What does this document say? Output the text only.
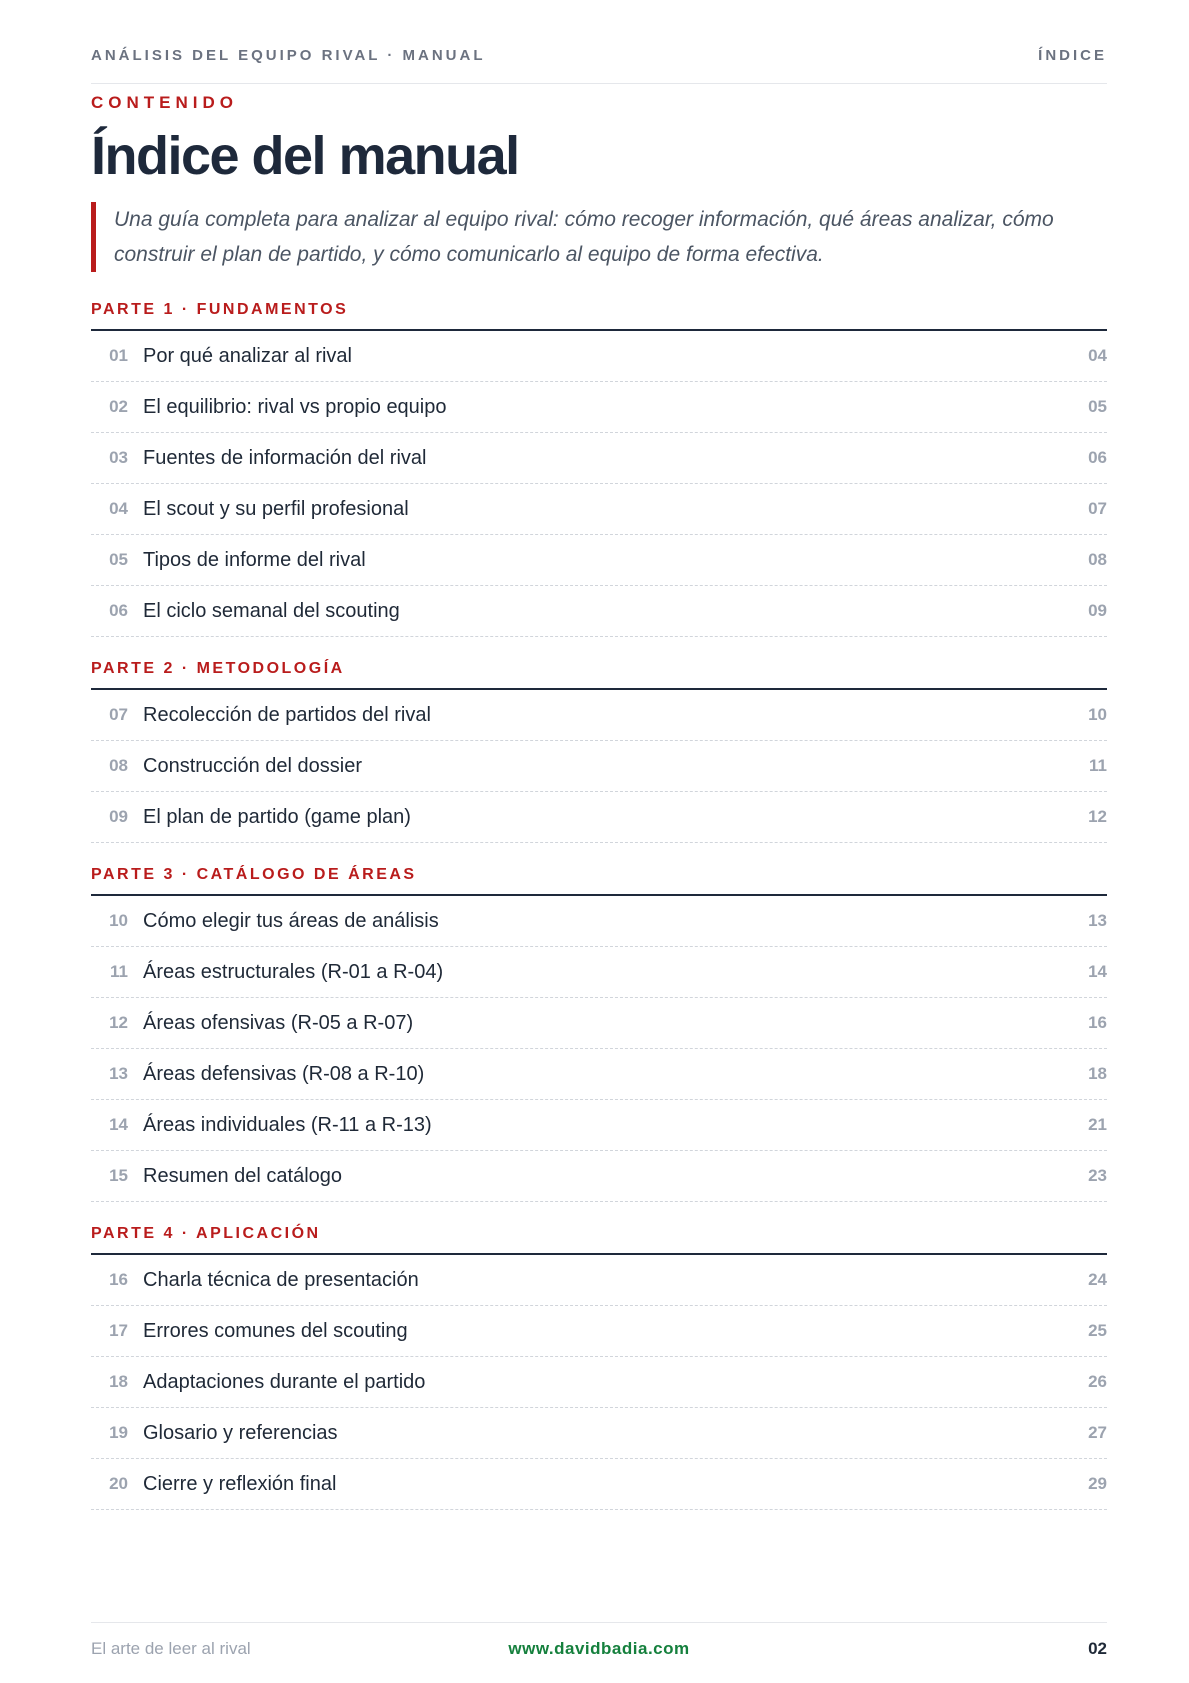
ANÁLISIS DEL EQUIPO RIVAL · MANUAL	ÍNDICE
CONTENIDO
Índice del manual

Una guía completa para analizar al equipo rival: cómo recoger información, qué áreas analizar, cómo construir el plan de partido, y cómo comunicarlo al equipo de forma efectiva.

PARTE 1 · FUNDAMENTOS
01 Por qué analizar al rival	04
02 El equilibrio: rival vs propio equipo	05
03 Fuentes de información del rival	06
04 El scout y su perfil profesional	07
05 Tipos de informe del rival	08
06 El ciclo semanal del scouting	09
PARTE 2 · METODOLOGÍA
07 Recolección de partidos del rival	10
08 Construcción del dossier	11
09 El plan de partido (game plan)	12
PARTE 3 · CATÁLOGO DE ÁREAS
10 Cómo elegir tus áreas de análisis	13
11 Áreas estructurales (R-01 a R-04)	14
12 Áreas ofensivas (R-05 a R-07)	16
13 Áreas defensivas (R-08 a R-10)	18
14 Áreas individuales (R-11 a R-13)	21
15 Resumen del catálogo	23
PARTE 4 · APLICACIÓN
16 Charla técnica de presentación	24
17 Errores comunes del scouting	25
18 Adaptaciones durante el partido	26
19 Glosario y referencias	27
20 Cierre y reflexión final	29
El arte de leer al rival	www.davidbadia.com	02
